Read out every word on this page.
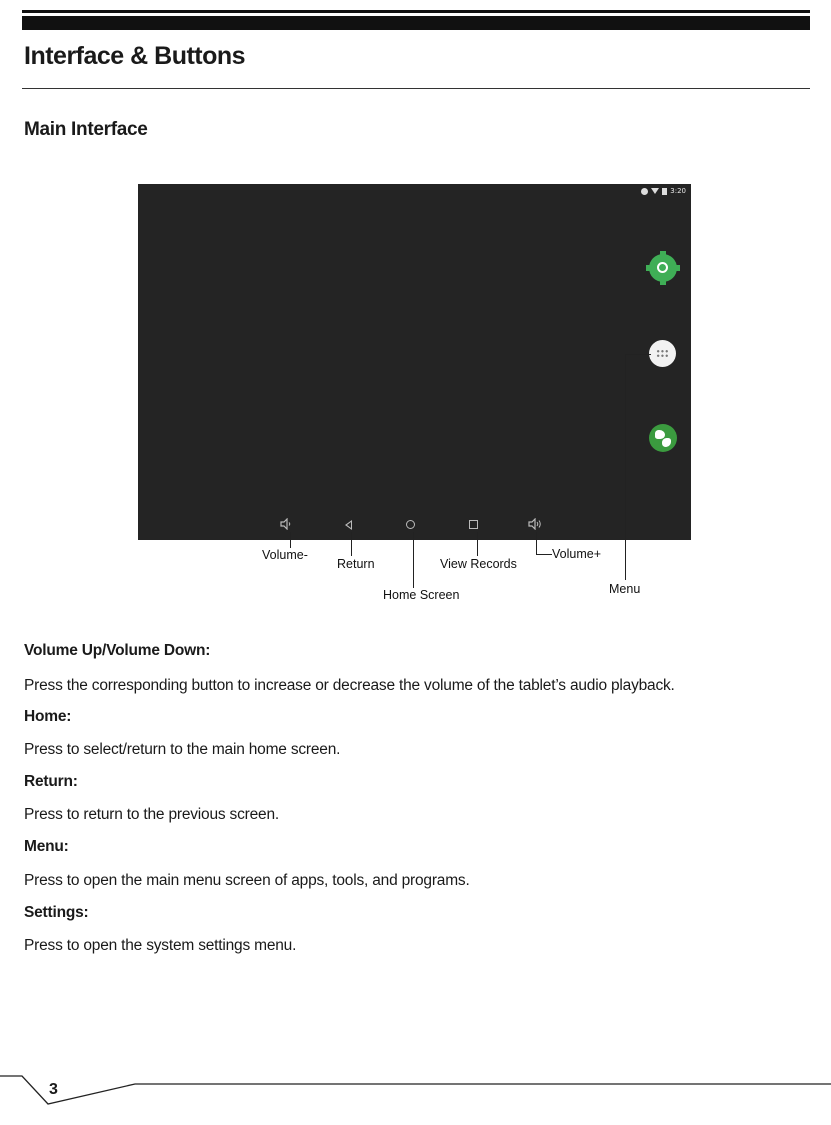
Interface & Buttons
Main Interface
3:20
Volume-
Return
Home Screen
View Records
Volume+
Menu

Volume Up/Volume Down:

Press the corresponding button to increase or decrease the volume of the tablet’s audio playback.

Home:

Press to select/return to the main home screen.

Return:

Press to return to the previous screen.

Menu:

Press to open the main menu screen of apps, tools, and programs.

Settings:

Press to open the system settings menu.

3
